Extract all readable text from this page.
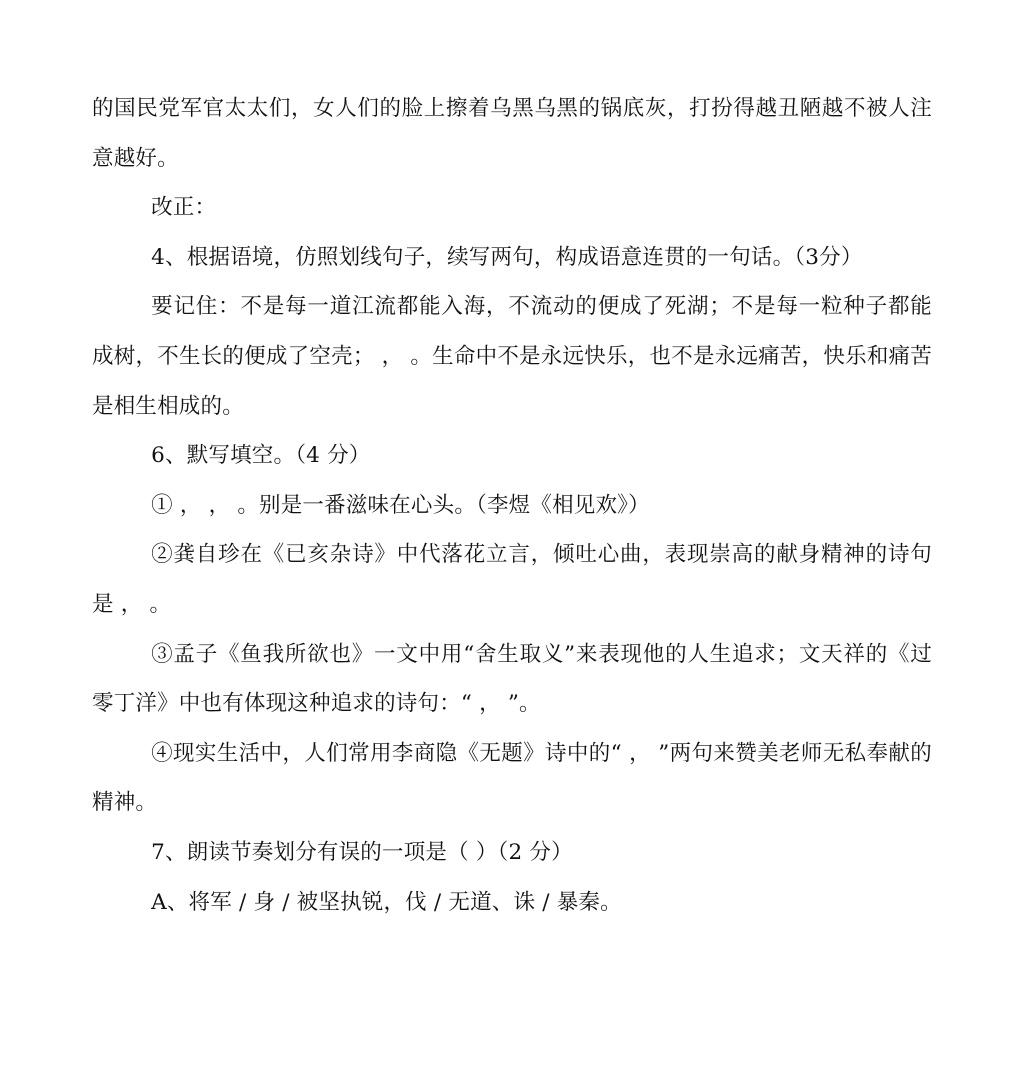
的国民党军官太太们，女人们的脸上擦着乌黑乌黑的锅底灰，打扮得越丑陋越不被人注意越好。

改正：

4、根据语境，仿照划线句子，续写两句，构成语意连贯的一句话。（3分）

要记住：不是每一道江流都能入海，不流动的便成了死湖；不是每一粒种子都能成树，不生长的便成了空壳； ， 。生命中不是永远快乐，也不是永远痛苦，快乐和痛苦是相生相成的。

6、默写填空。（4 分）

① ， ， 。别是一番滋味在心头。（李煜《相见欢》）

②龚自珍在《已亥杂诗》中代落花立言，倾吐心曲，表现崇高的献身精神的诗句是 ， 。

③孟子《鱼我所欲也》一文中用“舍生取义”来表现他的人生追求；文天祥的《过零丁洋》中也有体现这种追求的诗句：“ ， ”。

④现实生活中，人们常用李商隐《无题》诗中的“ ， ”两句来赞美老师无私奉献的精神。

7、朗读节奏划分有误的一项是（ ）（2 分）

A、将军 / 身 / 被坚执锐，伐 / 无道、诛 / 暴秦。
